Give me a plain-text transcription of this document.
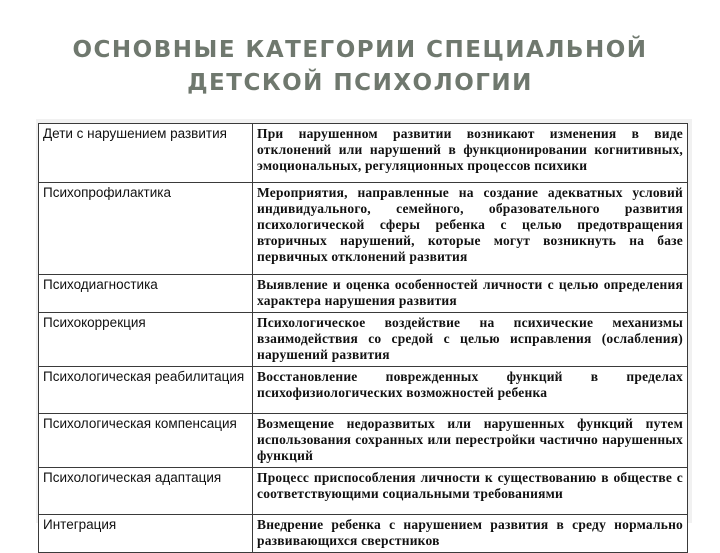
ОСНОВНЫЕ КАТЕГОРИИ СПЕЦИАЛЬНОЙ
ДЕТСКОЙ ПСИХОЛОГИИ
Дети с нарушением развития	При нарушенном развитии возникают изменения в виде отклонений или нарушений в функционировании когнитивных, эмоциональных, регуляционных процессов психики
Психопрофилактика	Мероприятия, направленные на создание адекватных условий индивидуального, семейного, образовательного развития психологической сферы ребенка с целью предотвращения вторичных нарушений, которые могут возникнуть на базе первичных отклонений развития
Психодиагностика	Выявление и оценка особенностей личности с целью определения характера нарушения развития
Психокоррекция	Психологическое воздействие на психические механизмы взаимодействия со средой с целью исправления (ослабления) нарушений развития
Психологическая реабилитация	Восстановление поврежденных функций в пределах психофизиологических возможностей ребенка
Психологическая компенсация	Возмещение недоразвитых или нарушенных функций путем использования сохранных или перестройки частично нарушенных функций
Психологическая адаптация	Процесс приспособления личности к существованию в обществе с соответствующими социальными требованиями
Интеграция	Внедрение ребенка с нарушением развития в среду нормально развивающихся сверстников
